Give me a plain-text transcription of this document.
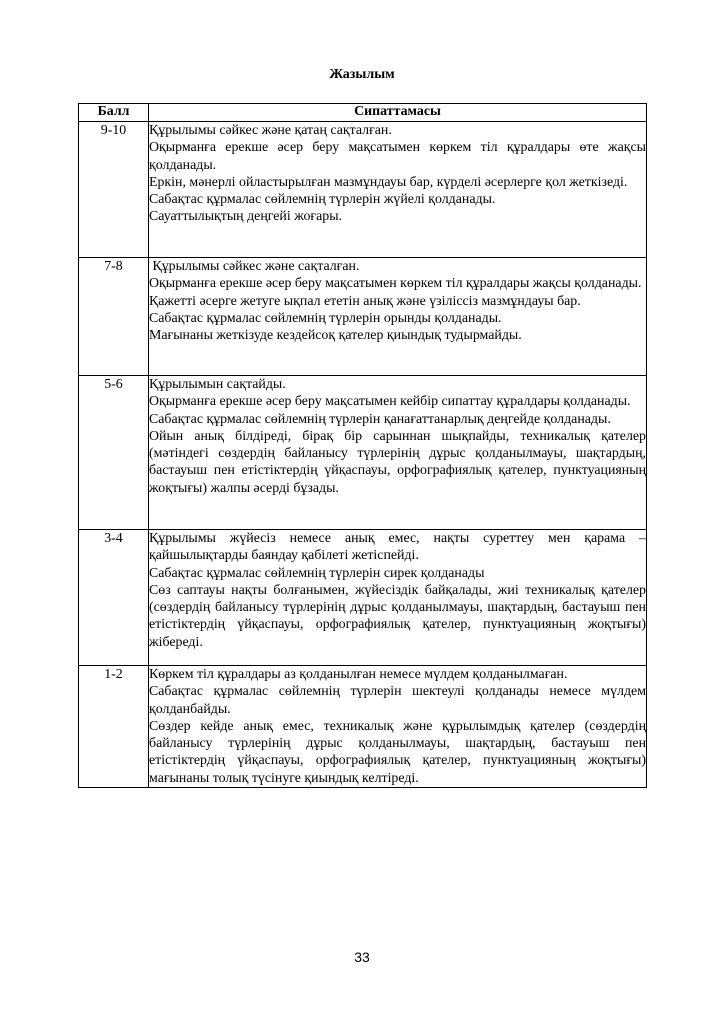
Жазылым
Балл	Сипаттамасы
9-10	Құрылымы сәйкес және қатаң сақталған.
Оқырманға ерекше әсер беру мақсатымен көркем тіл құралдары өте жақсы қолданады.
Еркін, мәнерлі ойластырылған мазмұндауы бар, күрделі әсерлерге қол жеткізеді.
Сабақтас құрмалас сөйлемнің түрлерін жүйелі қолданады.
Сауаттылықтың деңгейі жоғары.

7-8	Құрылымы сәйкес және сақталған.
Оқырманға ерекше әсер беру мақсатымен көркем тіл құралдары жақсы қолданады.
Қажетті әсерге жетуге ықпал ететін анық және үзіліссіз мазмұндауы бар.
Сабақтас құрмалас сөйлемнің түрлерін орынды қолданады.
Мағынаны жеткізуде кездейсоқ қателер қиындық тудырмайды.

5-6	Құрылымын сақтайды.
Оқырманға ерекше әсер беру мақсатымен кейбір сипаттау құралдары қолданады.
Сабақтас құрмалас сөйлемнің түрлерін қанағаттанарлық деңгейде қолданады.
Ойын анық білдіреді, бірақ бір сарыннан шықпайды, техникалық қателер (мәтіндегі сөздердің байланысу түрлерінің дұрыс қолданылмауы, шақтардың, бастауыш пен етістіктердің үйқаспауы, орфографиялық қателер, пунктуацияның жоқтығы) жалпы әсерді бұзады.

3-4	Құрылымы жүйесіз немесе анық емес, нақты суреттеу мен қарама – қайшылықтарды баяндау қабілеті жетіспейді.
Сабақтас құрмалас сөйлемнің түрлерін сирек қолданады
Сөз саптауы нақты болғанымен, жүйесіздік байқалады, жиі техникалық қателер (сөздердің байланысу түрлерінің дұрыс қолданылмауы, шақтардың, бастауыш пен етістіктердің үйқаспауы, орфографиялық қателер, пунктуацияның жоқтығы) жібереді.

1-2	Көркем тіл құралдары аз қолданылған немесе мүлдем қолданылмаған.
Сабақтас құрмалас сөйлемнің түрлерін шектеулі қолданады немесе мүлдем қолданбайды.
Сөздер кейде анық емес, техникалық және құрылымдық қателер (сөздердің байланысу түрлерінің дұрыс қолданылмауы, шақтардың, бастауыш пен етістіктердің үйқаспауы, орфографиялық қателер, пунктуацияның жоқтығы) мағынаны толық түсінуге қиындық келтіреді.
33
